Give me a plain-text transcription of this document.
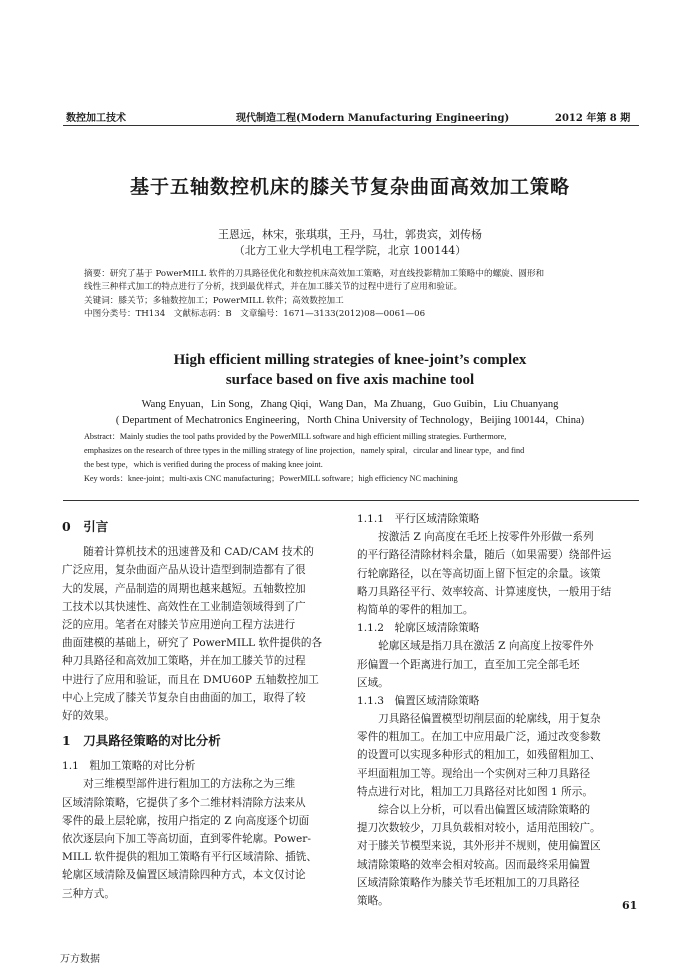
数控加工技术	现代制造工程(Modern Manufacturing Engineering)	2012 年第 8 期
基于五轴数控机床的膝关节复杂曲面高效加工策略
王恩远，林宋，张琪琪，王丹，马壮，郭贵宾，刘传杨
（北方工业大学机电工程学院，北京 100144）
摘要：研究了基于 PowerMILL 软件的刀具路径优化和数控机床高效加工策略，对直线投影精加工策略中的螺旋、圆形和
线性三种样式加工的特点进行了分析，找到最优样式，并在加工膝关节的过程中进行了应用和验证。
关键词：膝关节；多轴数控加工；PowerMILL 软件；高效数控加工
中图分类号：TH134　文献标志码：B　文章编号：1671—3133(2012)08—0061—06
High efficient milling strategies of knee-joint’s complex
surface based on five axis machine tool
Wang Enyuan，Lin Song，Zhang Qiqi，Wang Dan，Ma Zhuang，Guo Guibin，Liu Chuanyang
( Department of Mechatronics Engineering，North China University of Technology，Beijing 100144，China)
Abstract：Mainly studies the tool paths provided by the PowerMILL software and high efficient milling strategies. Furthermore,
emphasizes on the research of three types in the milling strategy of line projection，namely spiral，circular and linear type，and find
the best type，which is verified during the process of making knee joint.
Key words：knee-joint；multi-axis CNC manufacturing；PowerMILL software；high efficiency NC machining
0　引言
　　随着计算机技术的迅速普及和 CAD/CAM 技术的
广泛应用，复杂曲面产品从设计造型到制造都有了很
大的发展，产品制造的周期也越来越短。五轴数控加
工技术以其快速性、高效性在工业制造领域得到了广
泛的应用。笔者在对膝关节应用逆向工程方法进行
曲面建模的基础上，研究了 PowerMILL 软件提供的各
种刀具路径和高效加工策略，并在加工膝关节的过程
中进行了应用和验证，而且在 DMU60P 五轴数控加工
中心上完成了膝关节复杂自由曲面的加工，取得了较
好的效果。
1　刀具路径策略的对比分析
1.1　粗加工策略的对比分析
　　对三维模型部件进行粗加工的方法称之为三维
区域清除策略，它提供了多个二维材料清除方法来从
零件的最上层轮廓，按用户指定的 Z 向高度逐个切面
依次逐层向下加工等高切面，直到零件轮廓。Power-
MILL 软件提供的粗加工策略有平行区域清除、插铣、
轮廓区域清除及偏置区域清除四种方式，本文仅讨论
三种方式。
1.1.1　平行区域清除策略
　　按激活 Z 向高度在毛坯上按零件外形做一系列
的平行路径清除材料余量，随后（如果需要）绕部件运
行轮廓路径，以在等高切面上留下恒定的余量。该策
略刀具路径平行、效率较高、计算速度快，一般用于结
构简单的零件的粗加工。
1.1.2　轮廓区域清除策略
　　轮廓区域是指刀具在激活 Z 向高度上按零件外
形偏置一个距离进行加工，直至加工完全部毛坯
区域。
1.1.3　偏置区域清除策略
　　刀具路径偏置模型切削层面的轮廓线，用于复杂
零件的粗加工。在加工中应用最广泛，通过改变参数
的设置可以实现多种形式的粗加工，如残留粗加工、
平坦面粗加工等。现给出一个实例对三种刀具路径
特点进行对比，粗加工刀具路径对比如图 1 所示。
　　综合以上分析，可以看出偏置区域清除策略的
提刀次数较少，刀具负载相对较小，适用范围较广。
对于膝关节模型来说，其外形并不规则，使用偏置区
域清除策略的效率会相对较高。因而最终采用偏置
区域清除策略作为膝关节毛坯粗加工的刀具路径
策略。	61
万方数据
